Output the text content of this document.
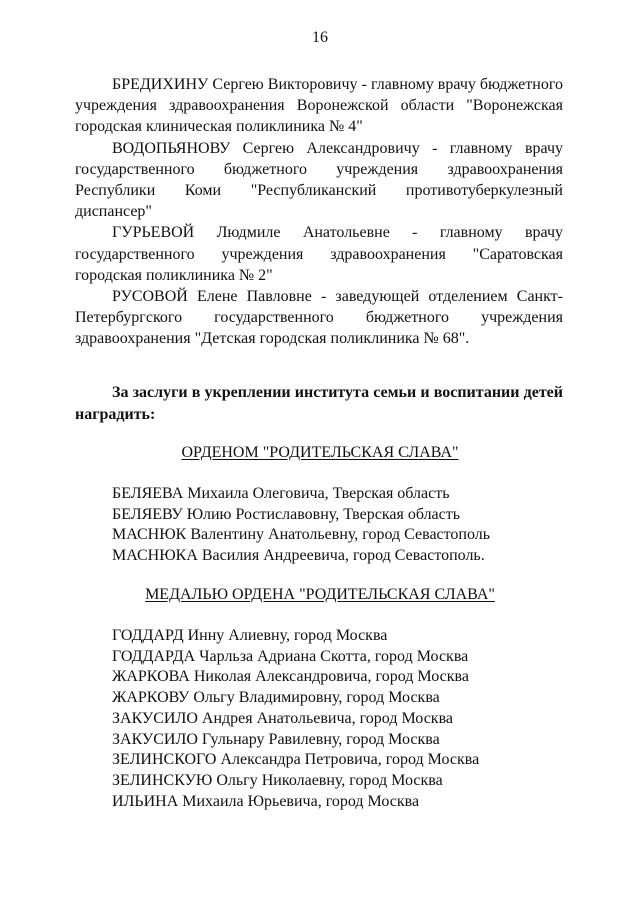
16
БРЕДИХИНУ Сергею Викторовичу - главному врачу бюджетного учреждения здравоохранения Воронежской области "Воронежская городская клиническая поликлиника № 4"
ВОДОПЬЯНОВУ Сергею Александровичу - главному врачу государственного бюджетного учреждения здравоохранения Республики Коми "Республиканский противотуберкулезный диспансер"
ГУРЬЕВОЙ Людмиле Анатольевне - главному врачу государственного учреждения здравоохранения "Саратовская городская поликлиника № 2"
РУСОВОЙ Елене Павловне - заведующей отделением Санкт-Петербургского государственного бюджетного учреждения здравоохранения "Детская городская поликлиника № 68".

За заслуги в укреплении института семьи и воспитании детей наградить:

ОРДЕНОМ "РОДИТЕЛЬСКАЯ СЛАВА"

БЕЛЯЕВА Михаила Олеговича, Тверская область
БЕЛЯЕВУ Юлию Ростиславовну, Тверская область
МАСНЮК Валентину Анатольевну, город Севастополь
МАСНЮКА Василия Андреевича, город Севастополь.

МЕДАЛЬЮ ОРДЕНА "РОДИТЕЛЬСКАЯ СЛАВА"

ГОДДАРД Инну Алиевну, город Москва
ГОДДАРДА Чарльза Адриана Скотта, город Москва
ЖАРКОВА Николая Александровича, город Москва
ЖАРКОВУ Ольгу Владимировну, город Москва
ЗАКУСИЛО Андрея Анатольевича, город Москва
ЗАКУСИЛО Гульнару Равилевну, город Москва
ЗЕЛИНСКОГО Александра Петровича, город Москва
ЗЕЛИНСКУЮ Ольгу Николаевну, город Москва
ИЛЬИНА Михаила Юрьевича, город Москва
